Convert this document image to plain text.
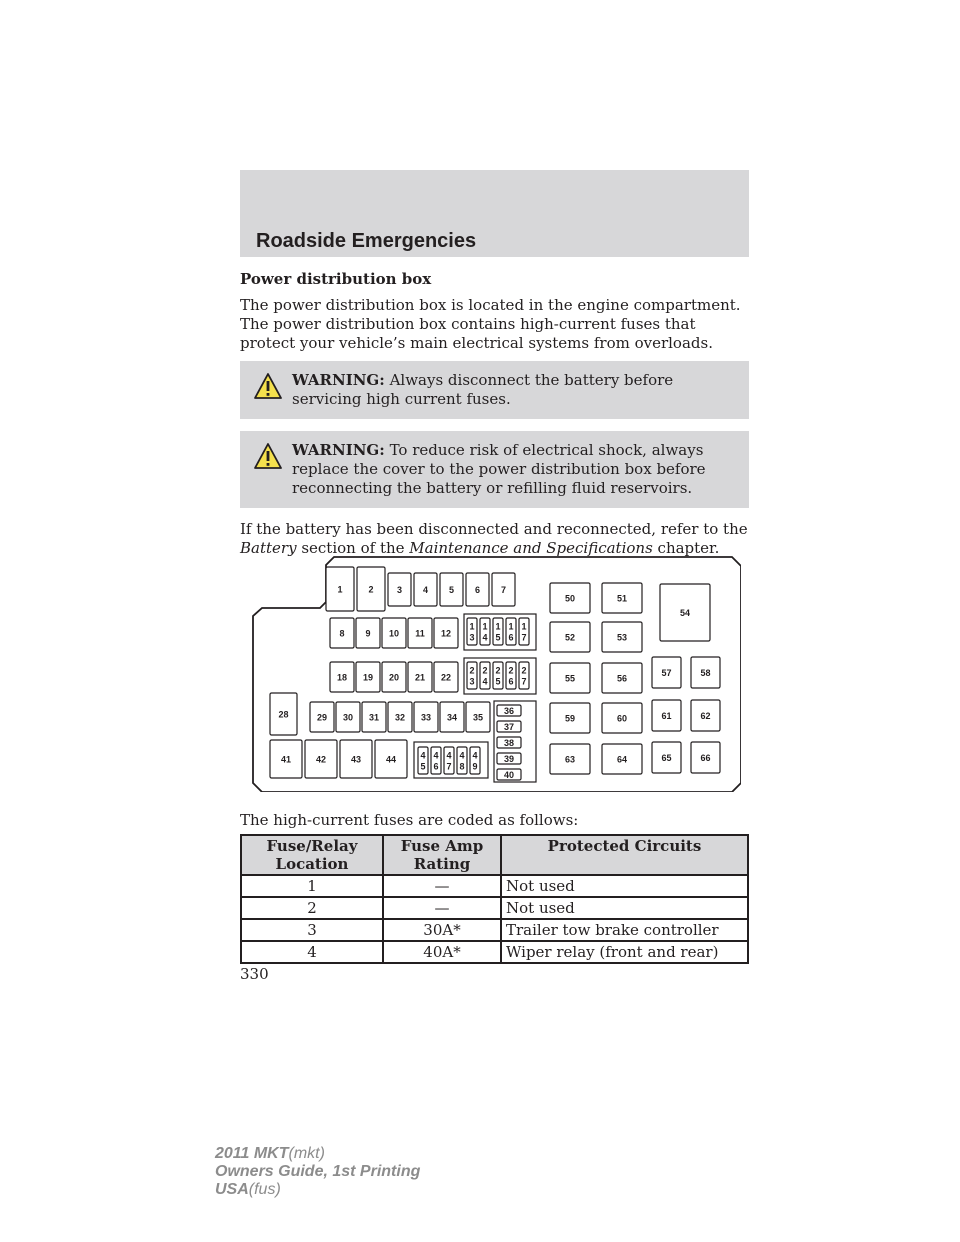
Roadside Emergencies
Power distribution box

The power distribution box is located in the engine compartment. The power distribution box contains high-current fuses that protect your vehicle’s main electrical systems from overloads.

WARNING: Always disconnect the battery before servicing high current fuses.
WARNING: To reduce risk of electrical shock, always replace the cover to the power distribution box before reconnecting the battery or refilling fluid reservoirs.

If the battery has been disconnected and reconnected, refer to the
Battery section of the Maintenance and Specifications chapter.

1	2	3 4 5 6 7
8 9 10 11 12
1
3
1
4
1
5
1
6
1
7
18 19 20 21 22
2
3
2
4
2
5
2
6
2
7
28	29 30 31 32 33 34 35
36
37
38
39
40
41	42	43	44	4
5
4
6
4
7
4
8
4
9
50	51
52	53
54
55	56
57	58
59	60	61	62
63	64	65	66
The high-current fuses are coded as follows:
Fuse/Relay Location	Fuse Amp Rating	Protected Circuits
1	—	Not used
2	—	Not used
3	30A*	Trailer tow brake controller
4	40A*	Wiper relay (front and rear)
330
2011 MKT(mkt)
Owners Guide, 1st Printing
USA(fus)
